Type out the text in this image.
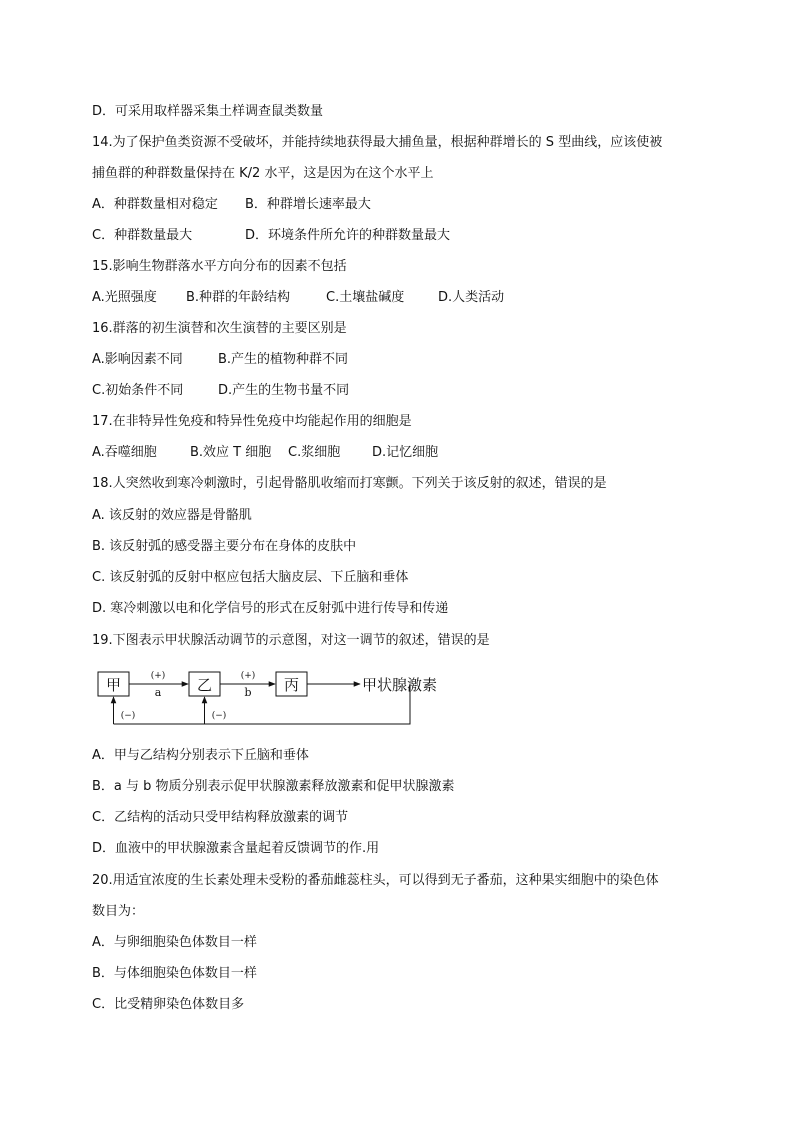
D．可采用取样器采集土样调查鼠类数量
14.为了保护鱼类资源不受破坏，并能持续地获得最大捕鱼量，根据种群增长的 S 型曲线，应该使被
捕鱼群的种群数量保持在 K/2 水平，这是因为在这个水平上
A．种群数量相对稳定 B．种群增长速率最大
C．种群数量最大	D．环境条件所允许的种群数量最大
15.影响生物群落水平方向分布的因素不包括
A.光照强度 B.种群的年龄结构	C.土壤盐碱度	D.人类活动
16.群落的初生演替和次生演替的主要区别是
A.影响因素不同	B.产生的植物种群不同
C.初始条件不同	D.产生的生物书量不同
17.在非特异性免疫和特异性免疫中均能起作用的细胞是
A.吞噬细胞	B.效应 T 细胞 C.浆细胞 D.记忆细胞
18.人突然收到寒冷刺激时，引起骨骼肌收缩而打寒颤。下列关于该反射的叙述，错误的是
A. 该反射的效应器是骨骼肌
B. 该反射弧的感受器主要分布在身体的皮肤中
C. 该反射弧的反射中枢应包括大脑皮层、下丘脑和垂体
D. 寒冷刺激以电和化学信号的形式在反射弧中进行传导和传递
19.下图表示甲状腺活动调节的示意图，对这一调节的叙述，错误的是
甲	乙	丙	甲状腺激素
(+)
a
(+)
b
(−)	(−)
A．甲与乙结构分别表示下丘脑和垂体
B．a 与 b 物质分别表示促甲状腺激素释放激素和促甲状腺激素
C．乙结构的活动只受甲结构释放激素的调节
D．血液中的甲状腺激素含量起着反馈调节的作.用
20.用适宜浓度的生长素处理未受粉的番茄雌蕊柱头，可以得到无子番茄，这种果实细胞中的染色体
数目为：
A．与卵细胞染色体数目一样
B．与体细胞染色体数目一样
C．比受精卵染色体数目多
